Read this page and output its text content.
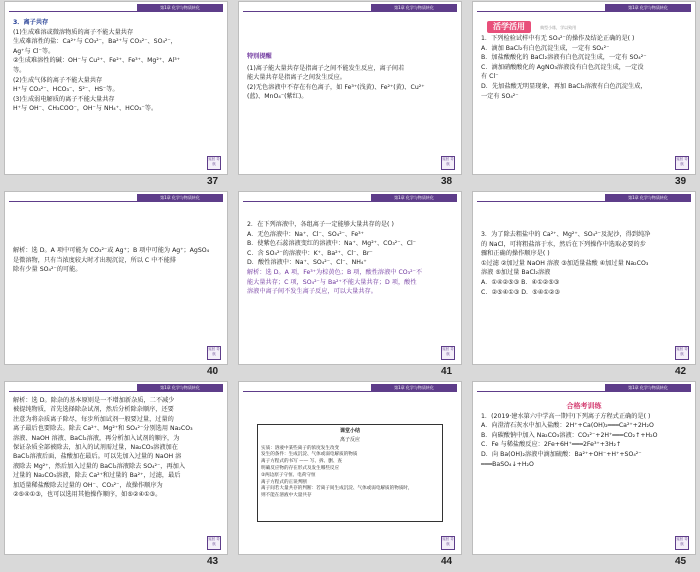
第1章 化学与物质转化

3．离子共存

(1)生成难溶或微溶物质的离子不能大量共存

生成难溶性的盐：Ca²⁺与 CO₃²⁻，Ba²⁺与 CO₃²⁻、SO₄²⁻，

Ag⁺与 Cl⁻等。

②生成难溶性的碱：OH⁻与 Cu²⁺、Fe²⁺、Fe³⁺、Mg²⁺、Al³⁺

等。

(2)生成气体的离子不能大量共存

H⁺与 CO₃²⁻、HCO₃⁻、S²⁻、HS⁻等。

(3)生成弱电解质的离子不能大量共存

H⁺与 OH⁻、CH₃COO⁻，OH⁻与 NH₄⁺、HCO₃⁻等。

返回 导航
37
第1章 化学与物质转化

特别提醒

(1)离子能大量共存是指离子之间不能发生反应，离子间若

能大量共存是指离子之间发生反应。

(2)无色溶液中不存在有色离子，如 Fe³⁺(浅黄)、Fe²⁺(黄)、Cu²⁺

(蓝)、MnO₄⁻(紫红)。

返回 导航
38
第1章 化学与物质转化
活学活用	典型小练，学以致用

1．下列检验试样中有无 SO₄²⁻的操作及结论正确的是( )

A．滴加 BaCl₂有白色沉淀生成，一定有 SO₄²⁻

B．加盐酸酸化的 BaCl₂溶液有白色沉淀生成，一定有 SO₄²⁻

C．滴加硝酸酸化的 AgNO₃溶液没有白色沉淀生成，一定没

有 Cl⁻

D．先加盐酸无明显现象，再加 BaCl₂溶液有白色沉淀生成，

一定有 SO₄²⁻

返回 导航
39
第1章 化学与物质转化

解析：选 D。A 项中可能为 CO₃²⁻或 Ag⁺；B 项中可能为 Ag⁺；AgSO₄

是微溶物，只有当浓度较大时才出现沉淀，所以 C 中不能排

除有少量 SO₄²⁻的可能。

返回 导航
40
第1章 化学与物质转化

2．在下列溶液中，各组离子一定能够大量共存的是( )

A．无色溶液中：Na⁺、Cl⁻、SO₄²⁻、Fe³⁺

B．使紫色石蕊溶液变红的溶液中：Na⁺、Mg²⁺、CO₃²⁻、Cl⁻

C．含 SO₄²⁻的溶液中：K⁺、Ba²⁺、Cl⁻、Br⁻

D．酸性溶液中：Na⁺、SO₄²⁻、Cl⁻、NH₄⁺

解析：选 D。A 项，Fe³⁺为棕黄色；B 项，酸性溶液中 CO₃²⁻不

能大量共存；C 项，SO₄²⁻与 Ba²⁺不能大量共存；D 项，酸性

溶液中离子间不发生离子反应，可以大量共存。

返回 导航
41
第1章 化学与物质转化

3．为了除去粗盐中的 Ca²⁺、Mg²⁺、SO₄²⁻及泥沙，得到纯净

的 NaCl，可将粗盐溶于水，然后在下列操作中选取必要的步

骤和正确的操作顺序是( )

①过滤 ②加过量 NaOH 溶液 ③加适量盐酸 ④加过量 Na₂CO₃

溶液 ⑤加过量 BaCl₂溶液

A．①④②⑤③ B．④①②⑤③

C．②⑤④①③ D．⑤④①②③

返回 导航
42
第1章 化学与物质转化

解析：选 D。除杂的基本原则是一不增加新杂质，二不减少

被提纯物质，首先选择除杂试剂，然后分析除杂顺序，还要

注意为将杂质离子除尽，每步所加试剂一般要过量，过量的

离子最后也要除去。除去 Ca²⁺、Mg²⁺和 SO₄²⁻分别选用 Na₂CO₃

溶液、NaOH 溶液、BaCl₂溶液，再分析加入试剂的顺序，为

保证杂质全部被除去，加入的试剂需过量，Na₂CO₃溶液加在

BaCl₂溶液后面，盐酸加在最后。可以先加入过量的 NaOH 溶

液除去 Mg²⁺，然后加入过量的 BaCl₂溶液除去 SO₄²⁻，再加入

过量的 Na₂CO₃溶液，除去 Ca²⁺和过量的 Ba²⁺，过滤，最后

加适量稀盐酸除去过量的 OH⁻、CO₃²⁻，故操作顺序为

②⑤④①③，也可以选用其他操作顺序，如⑤②④①③。

返回 导航
43
第1章 化学与物质转化
课堂小结
离子反应
实质：溶液中某些离子的浓度发生改变
发生的条件：生成沉淀、气体或弱电解质的物质
离子方程式的书写 —— 写、拆、删、查
明确反应物的存在形式及发生哪些反应
②两边原子守恒、电荷守恒
离子方程式的正误判断
离子间若大量共存的判断：若离子间生成沉淀、气体或弱电解质的物质时，
则不能在溶液中大量共存
返回 导航
44
第1章 化学与物质转化

合格考训练

1．(2019·建水第六中学高一期中)下列离子方程式正确的是( )

A．向澄清石灰水中加入盐酸：2H⁺+Ca(OH)₂═══Ca²⁺+2H₂O

B．向碳酸钠中加入 Na₂CO₃溶液：CO₃²⁻+2H⁺═══CO₂↑+H₂O

C．Fe 与稀盐酸反应：2Fe+6H⁺═══2Fe³⁺+3H₂↑

D．向 Ba(OH)₂溶液中滴加硫酸：Ba²⁺+OH⁻+H⁺+SO₄²⁻

═══BaSO₄↓+H₂O

返回 导航
45
